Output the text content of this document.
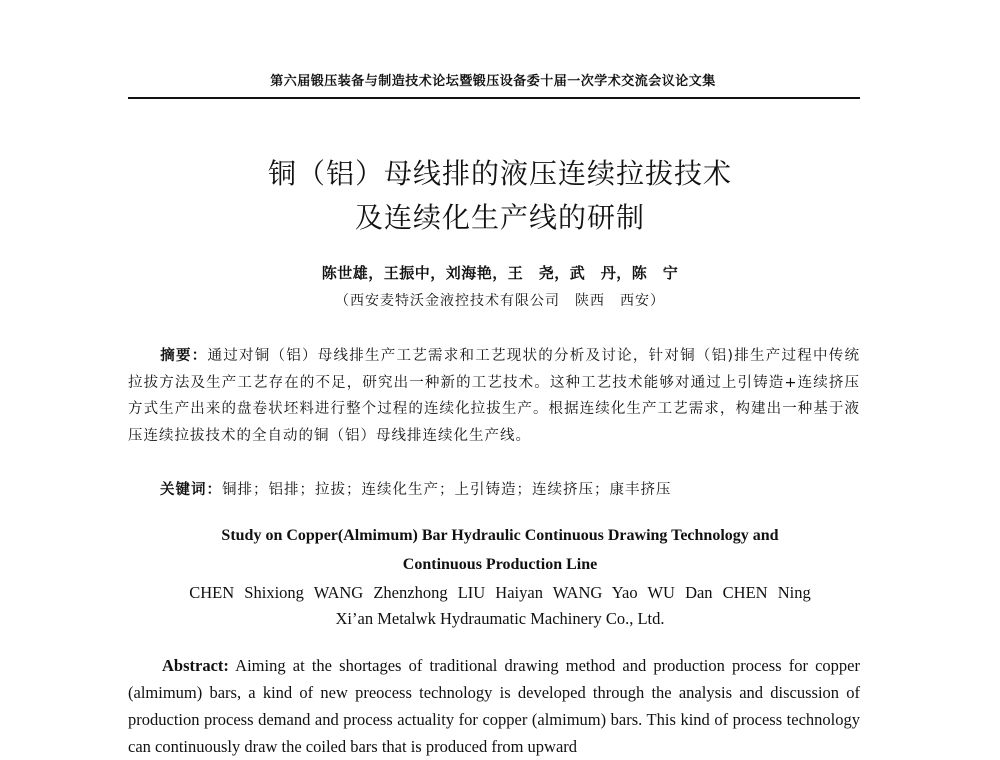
第六届锻压装备与制造技术论坛暨锻压设备委十届一次学术交流会议论文集
铜（铝）母线排的液压连续拉拔技术
及连续化生产线的研制
陈世雄，王振中，刘海艳，王　尧，武　丹，陈　宁
（西安麦特沃金液控技术有限公司　陕西　西安）
摘要：通过对铜（铝）母线排生产工艺需求和工艺现状的分析及讨论，针对铜（铝)排生产过程中传统拉拔方法及生产工艺存在的不足，研究出一种新的工艺技术。这种工艺技术能够对通过上引铸造+连续挤压方式生产出来的盘卷状坯料进行整个过程的连续化拉拔生产。根据连续化生产工艺需求，构建出一种基于液压连续拉拔技术的全自动的铜（铝）母线排连续化生产线。
关键词：铜排；铝排；拉拔；连续化生产；上引铸造；连续挤压；康丰挤压
Study on Copper(Almimum) Bar Hydraulic Continuous Drawing Technology and
Continuous Production Line
CHEN Shixiong WANG Zhenzhong LIU Haiyan WANG Yao WU Dan CHEN Ning
Xi’an Metalwk Hydraumatic Machinery Co., Ltd.
Abstract: Aiming at the shortages of traditional drawing method and production process for copper (almimum) bars, a kind of new preocess technology is developed through the analysis and discussion of production process demand and process actuality for copper (almimum) bars. This kind of process technology can continuously draw the coiled bars that is produced from upward
